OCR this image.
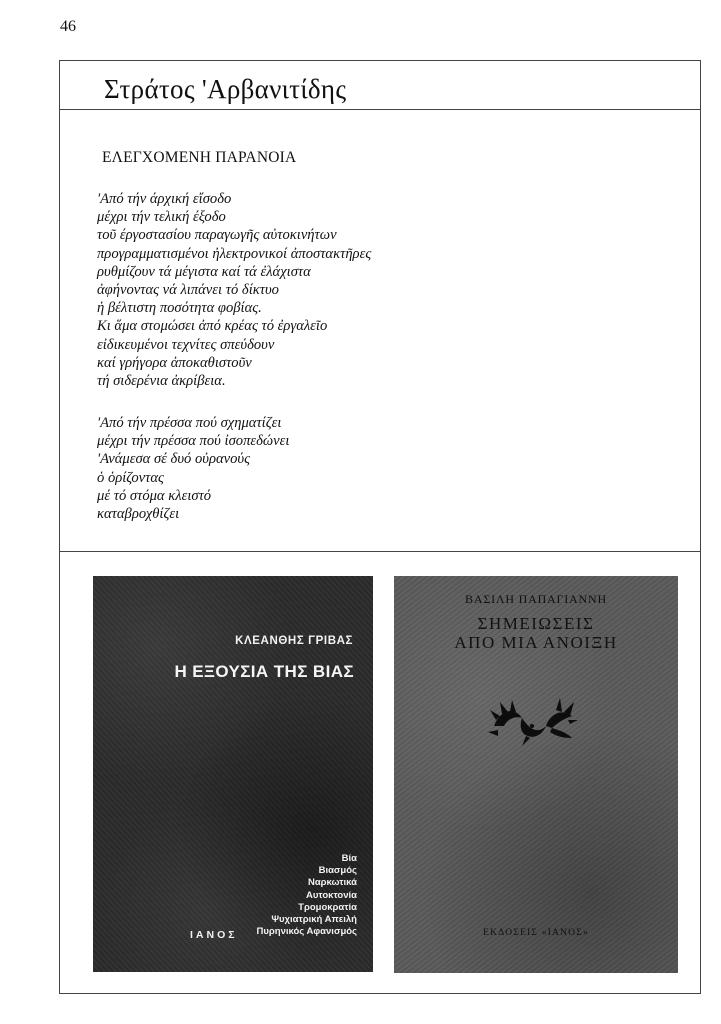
46
Στράτος 'Αρβανιτίδης
ΕΛΕΓΧΟΜΕΝΗ ΠΑΡΑΝΟΙΑ
'Από τήν άρχική εἴσοδο
μέχρι τήν τελική έξοδο
τοῦ έργοστασίου παραγωγῆς αὐτοκινήτων
προγραμματισμένοι ἠλεκτρονικοί ἀποστακτῆρες
ρυθμίζουν τά μέγιστα καί τά ἐλάχιστα
ἀφήνοντας νά λιπάνει τό δίκτυο
ἡ βέλτιστη ποσότητα φοβίας.
Κι ἅμα στομώσει ἀπό κρέας τό ἐργαλεῖο
εἰδικευμένοι τεχνίτες σπεύδουν
καί γρήγορα ἀποκαθιστοῦν
τή σιδερένια ἀκρίβεια.
'Από τήν πρέσσα πού σχηματίζει
μέχρι τήν πρέσσα πού ἰσοπεδώνει
'Ανάμεσα σέ δυό οὐρανούς
ὁ ὁρίζοντας
μέ τό στόμα κλειστό
καταβροχθίζει
ΚΛΕΑΝΘΗΣ ΓΡΙΒΑΣ
Η ΕΞΟΥΣΙΑ ΤΗΣ ΒΙΑΣ
Βία
Βιασμός
Ναρκωτικά
Αυτοκτονία
Τρομοκρατία
Ψυχιατρική Απειλή
Πυρηνικός Αφανισμός
ΙΑΝΟΣ
ΒΑΣΙΛΗ ΠΑΠΑΓΙΑΝΝΗ
ΣΗΜΕΙΩΣΕΙΣ
ΑΠΟ ΜΙΑ ΑΝΟΙΞΗ
ΕΚΔΟΣΕΙΣ «ΙΑΝΟΣ»
